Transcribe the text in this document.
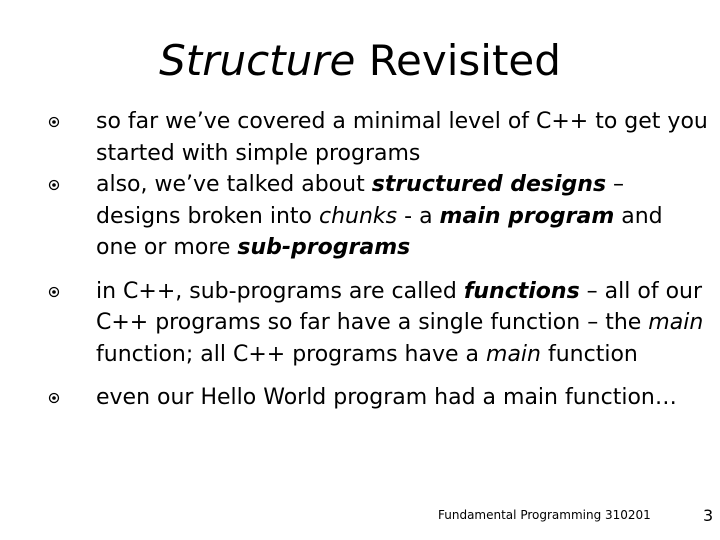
Structure Revisited
so far we’ve covered a minimal level of C++ to get you started with simple programs
also, we’ve talked about structured designs – designs broken into chunks - a main program and one or more sub-programs
in C++, sub-programs are called functions – all of our C++ programs so far have a single function – the main function; all C++ programs have a main function
even our Hello World program had a main function…
Fundamental Programming 310201	3
